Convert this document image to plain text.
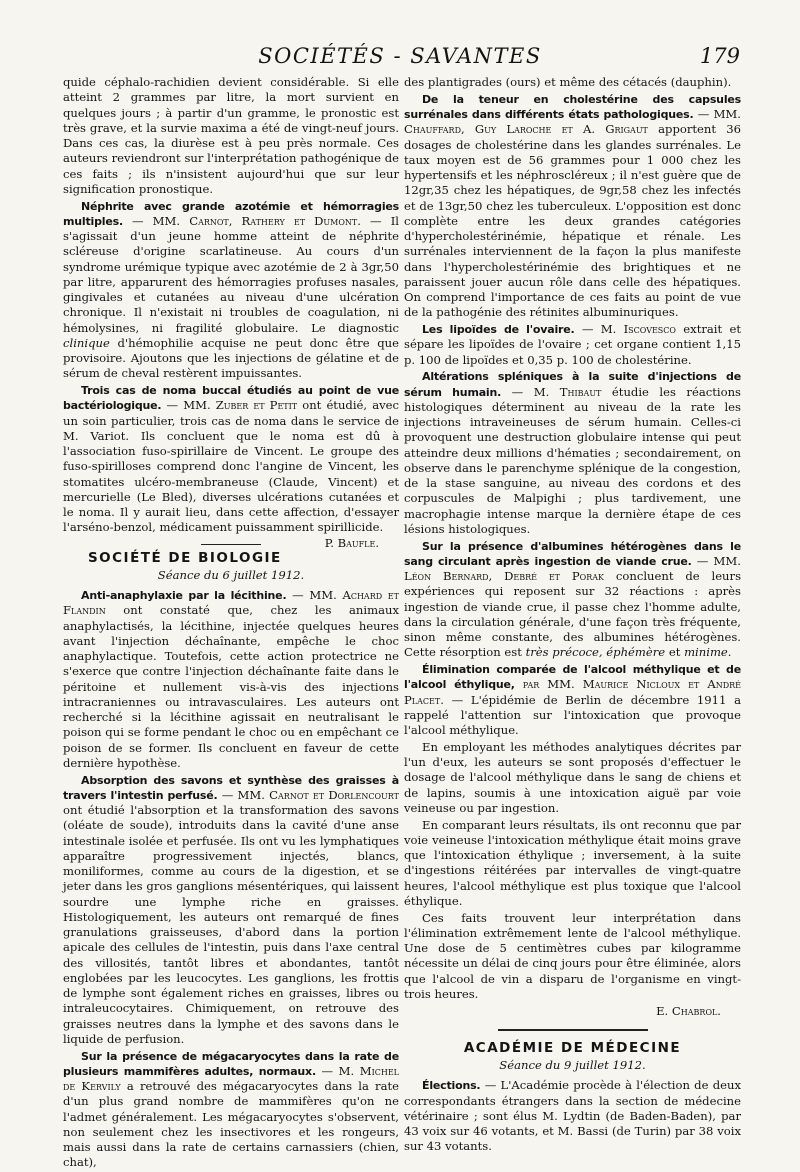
SOCIÉTÉS - SAVANTES	179

quide céphalo-rachidien devient considérable. Si elle atteint 2 grammes par litre, la mort survient en quelques jours ; à partir d'un gramme, le pronostic est très grave, et la survie maxima a été de vingt-neuf jours. Dans ces cas, la diurèse est à peu près normale. Ces auteurs reviendront sur l'interprétation pathogénique de ces faits ; ils n'insistent aujourd'hui que sur leur signification pronostique.

Néphrite avec grande azotémie et hémorragies multiples. — MM. Carnot, Rathery et Dumont. — Il s'agissait d'un jeune homme atteint de néphrite scléreuse d'origine scarlatineuse. Au cours d'un syndrome urémique typique avec azotémie de 2 à 3gr,50 par litre, apparurent des hémorragies profuses nasales, gingivales et cutanées au niveau d'une ulcération chronique. Il n'existait ni troubles de coagulation, ni hémolysines, ni fragilité globulaire. Le diagnostic clinique d'hémophilie acquise ne peut donc être que provisoire. Ajoutons que les injections de gélatine et de sérum de cheval restèrent impuissantes.

Trois cas de noma buccal étudiés au point de vue bactériologique. — MM. Zuber et Petit ont étudié, avec un soin particulier, trois cas de noma dans le service de M. Variot. Ils concluent que le noma est dû à l'association fuso-spirillaire de Vincent. Le groupe des fuso-spirilloses comprend donc l'angine de Vincent, les stomatites ulcéro-membraneuse (Claude, Vincent) et mercurielle (Le Bled), diverses ulcérations cutanées et le noma. Il y aurait lieu, dans cette affection, d'essayer l'arséno-benzol, médicament puissamment spirillicide.
P. Baufle.

SOCIÉTÉ DE BIOLOGIE
Séance du 6 juillet 1912.

Anti-anaphylaxie par la lécithine. — MM. Achard et Flandin ont constaté que, chez les animaux anaphylactisés, la lécithine, injectée quelques heures avant l'injection déchaînante, empêche le choc anaphylactique. Toutefois, cette action protectrice ne s'exerce que contre l'injection déchaînante faite dans le péritoine et nullement vis-à-vis des injections intracraniennes ou intravasculaires. Les auteurs ont recherché si la lécithine agissait en neutralisant le poison qui se forme pendant le choc ou en empêchant ce poison de se former. Ils concluent en faveur de cette dernière hypothèse.

Absorption des savons et synthèse des graisses à travers l'intestin perfusé. — MM. Carnot et Dorlencourt ont étudié l'absorption et la transformation des savons (oléate de soude), introduits dans la cavité d'une anse intestinale isolée et perfusée. Ils ont vu les lymphatiques apparaître progressivement injectés, blancs, moniliformes, comme au cours de la digestion, et se jeter dans les gros ganglions mésentériques, qui laissent sourdre une lymphe riche en graisses. Histologiquement, les auteurs ont remarqué de fines granulations graisseuses, d'abord dans la portion apicale des cellules de l'intestin, puis dans l'axe central des villosités, tantôt libres et abondantes, tantôt englobées par les leucocytes. Les ganglions, les frottis de lymphe sont également riches en graisses, libres ou intraleucocytaires. Chimiquement, on retrouve des graisses neutres dans la lymphe et des savons dans le liquide de perfusion.

Sur la présence de mégacaryocytes dans la rate de plusieurs mammifères adultes, normaux. — M. Michel de Kervily a retrouvé des mégacaryocytes dans la rate d'un plus grand nombre de mammifères qu'on ne l'admet généralement. Les mégacaryocytes s'observent, non seulement chez les insectivores et les rongeurs, mais aussi dans la rate de certains carnassiers (chien, chat),

des plantigrades (ours) et même des cétacés (dauphin).

De la teneur en cholestérine des capsules surrénales dans différents états pathologiques. — MM. Chauffard, Guy Laroche et A. Grigaut apportent 36 dosages de cholestérine dans les glandes surrénales. Le taux moyen est de 56 grammes pour 1 000 chez les hypertensifs et les néphroscléreux ; il n'est guère que de 12gr,35 chez les hépatiques, de 9gr,58 chez les infectés et de 13gr,50 chez les tuberculeux. L'opposition est donc complète entre les deux grandes catégories d'hypercholestérinémie, hépatique et rénale. Les surrénales interviennent de la façon la plus manifeste dans l'hypercholestérinémie des brightiques et ne paraissent jouer aucun rôle dans celle des hépatiques. On comprend l'importance de ces faits au point de vue de la pathogénie des rétinites albuminuriques.

Les lipoïdes de l'ovaire. — M. Iscovesco extrait et sépare les lipoïdes de l'ovaire ; cet organe contient 1,15 p. 100 de lipoïdes et 0,35 p. 100 de cholestérine.

Altérations spléniques à la suite d'injections de sérum humain. — M. Thibaut étudie les réactions histologiques déterminent au niveau de la rate les injections intraveineuses de sérum humain. Celles-ci provoquent une destruction globulaire intense qui peut atteindre deux millions d'hématies ; secondairement, on observe dans le parenchyme splénique de la congestion, de la stase sanguine, au niveau des cordons et des corpuscules de Malpighi ; plus tardivement, une macrophagie intense marque la dernière étape de ces lésions histologiques.

Sur la présence d'albumines hétérogènes dans le sang circulant après ingestion de viande crue. — MM. Léon Bernard, Debré et Porak concluent de leurs expériences qui reposent sur 32 réactions : après ingestion de viande crue, il passe chez l'homme adulte, dans la circulation générale, d'une façon très fréquente, sinon même constante, des albumines hétérogènes. Cette résorption est très précoce, éphémère et minime.

Élimination comparée de l'alcool méthylique et de l'alcool éthylique, par MM. Maurice Nicloux et André Placet. — L'épidémie de Berlin de décembre 1911 a rappelé l'attention sur l'intoxication que provoque l'alcool méthylique.

En employant les méthodes analytiques décrites par l'un d'eux, les auteurs se sont proposés d'effectuer le dosage de l'alcool méthylique dans le sang de chiens et de lapins, soumis à une intoxication aiguë par voie veineuse ou par ingestion.

En comparant leurs résultats, ils ont reconnu que par voie veineuse l'intoxication méthylique était moins grave que l'intoxication éthylique ; inversement, à la suite d'ingestions réitérées par intervalles de vingt-quatre heures, l'alcool méthylique est plus toxique que l'alcool éthylique.

Ces faits trouvent leur interprétation dans l'élimination extrêmement lente de l'alcool méthylique. Une dose de 5 centimètres cubes par kilogramme nécessite un délai de cinq jours pour être éliminée, alors que l'alcool de vin a disparu de l'organisme en vingt-trois heures.

E. Chabrol.
ACADÉMIE DE MÉDECINE
Séance du 9 juillet 1912.

Élections. — L'Académie procède à l'élection de deux correspondants étrangers dans la section de médecine vétérinaire ; sont élus M. Lydtin (de Baden-Baden), par 43 voix sur 46 votants, et M. Bassi (de Turin) par 38 voix sur 43 votants.
